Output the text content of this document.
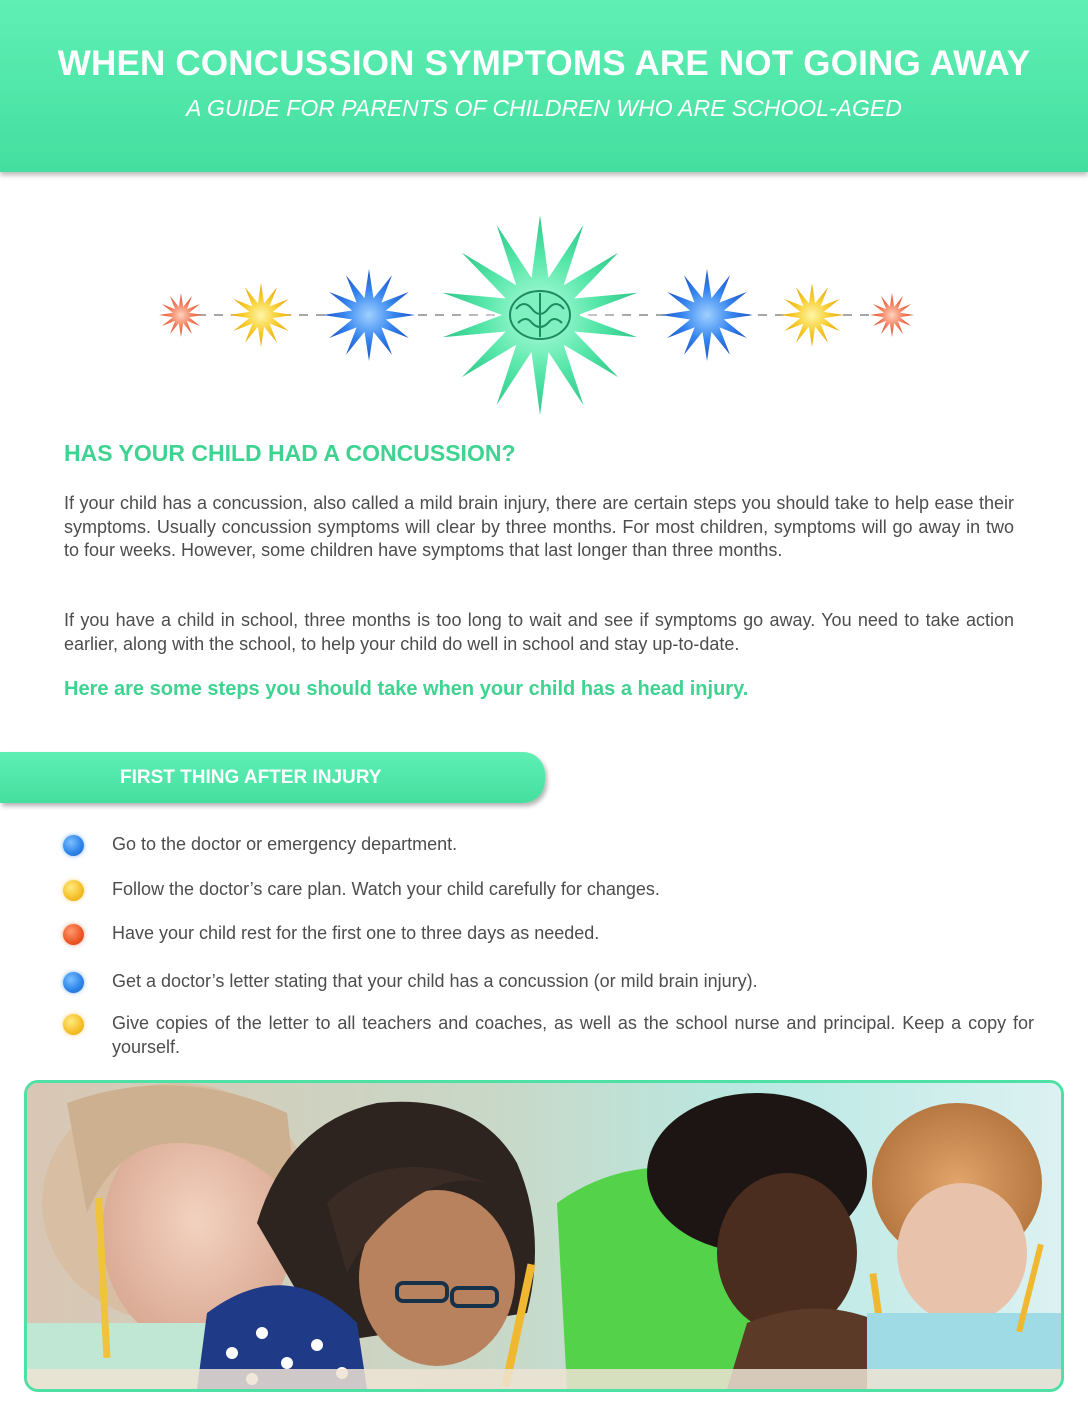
WHEN CONCUSSION SYMPTOMS ARE NOT GOING AWAY
A GUIDE FOR PARENTS OF CHILDREN WHO ARE SCHOOL-AGED
HAS YOUR CHILD HAD A CONCUSSION?

If your child has a concussion, also called a mild brain injury, there are certain steps you should take to help ease their symptoms. Usually concussion symptoms will clear by three months. For most children, symptoms will go away in two to four weeks. However, some children have symptoms that last longer than three months.

If you have a child in school, three months is too long to wait and see if symptoms go away. You need to take action earlier, along with the school, to help your child do well in school and stay up-to-date.

Here are some steps you should take when your child has a head injury.

FIRST THING AFTER INJURY
Go to the doctor or emergency department.
Follow the doctor’s care plan. Watch your child carefully for changes.
Have your child rest for the first one to three days as needed.
Get a doctor’s letter stating that your child has a concussion (or mild brain injury).
Give copies of the letter to all teachers and coaches, as well as the school nurse and principal. Keep a copy for yourself.
